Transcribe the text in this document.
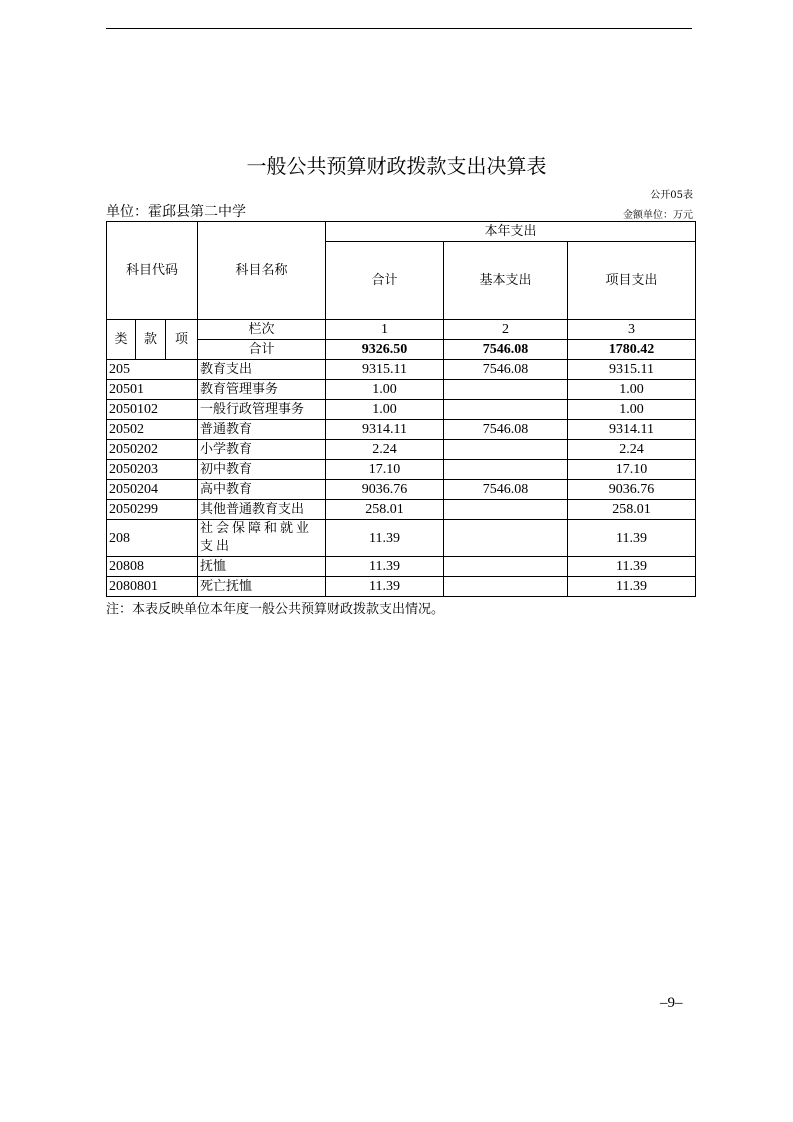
一般公共预算财政拨款支出决算表
公开05表
单位：霍邱县第二中学	金额单位：万元
科目代码			科目名称	本年支出		
				合计	基本支出	项目支出
类	款	项	栏次	1	2	3
			合计	9326.50	7546.08	1780.42
205			教育支出	9315.11	7546.08	9315.11
20501			教育管理事务	1.00		1.00
2050102			一般行政管理事务	1.00		1.00
20502			普通教育	9314.11	7546.08	9314.11
2050202			小学教育	2.24		2.24
2050203			初中教育	17.10		17.10
2050204			高中教育	9036.76	7546.08	9036.76
2050299			其他普通教育支出	258.01		258.01
208			社会保障和就业支出	11.39		11.39
20808			抚恤	11.39		11.39
2080801			死亡抚恤	11.39		11.39
注：本表反映单位本年度一般公共预算财政拨款支出情况。
–9–
